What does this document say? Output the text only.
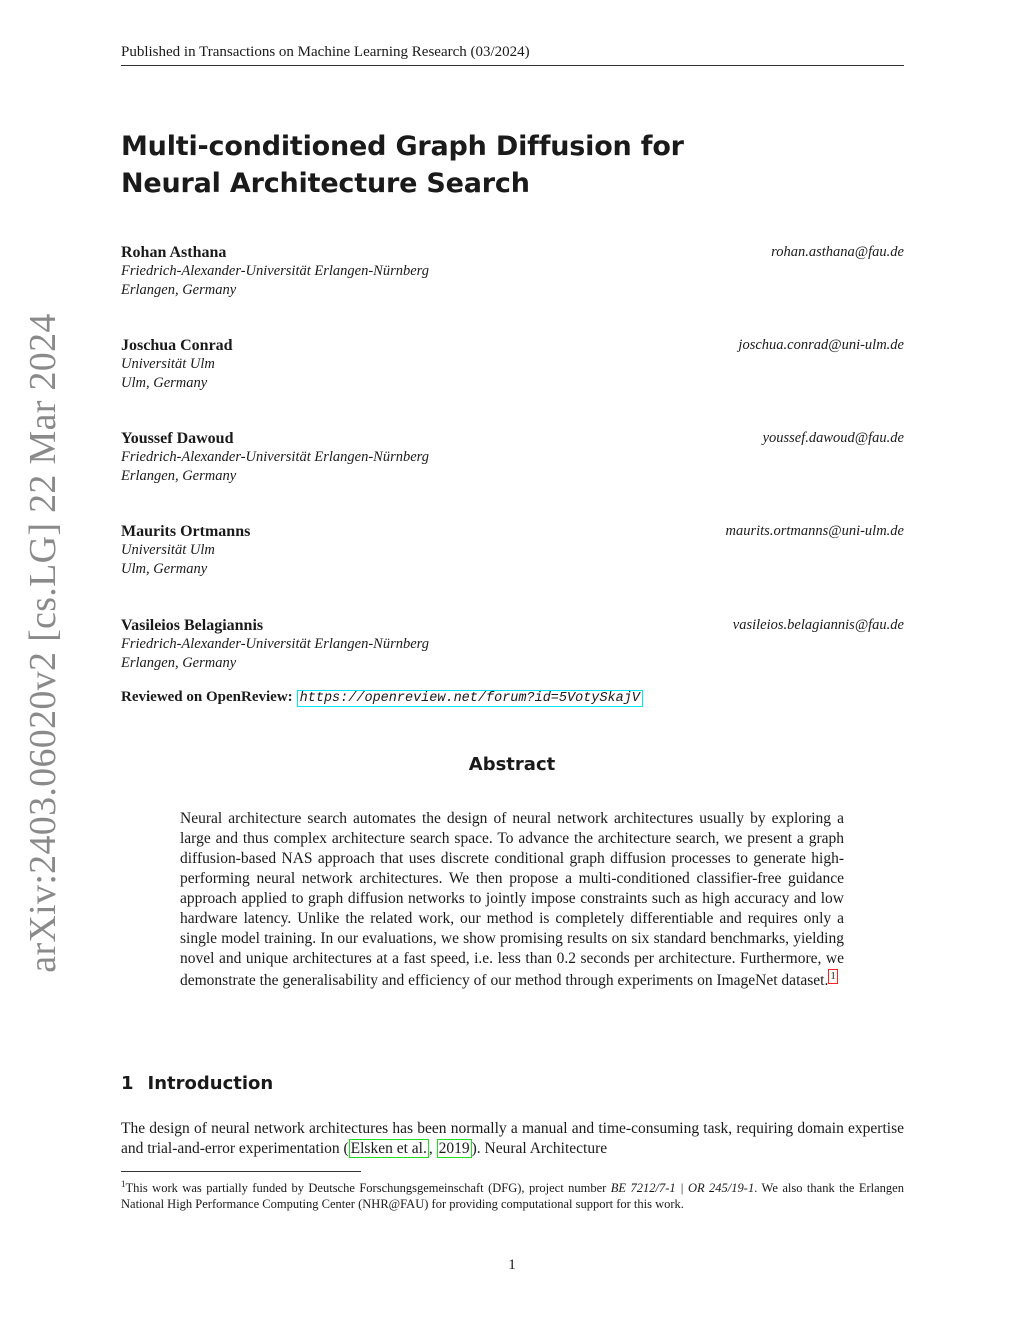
Published in Transactions on Machine Learning Research (03/2024)
arXiv:2403.06020v2 [cs.LG] 22 Mar 2024
Multi-conditioned Graph Diffusion for
Neural Architecture Search
Rohan Asthana
Friedrich-Alexander-Universität Erlangen-Nürnberg
Erlangen, Germany
rohan.asthana@fau.de
Joschua Conrad
Universität Ulm
Ulm, Germany
joschua.conrad@uni-ulm.de
Youssef Dawoud
Friedrich-Alexander-Universität Erlangen-Nürnberg
Erlangen, Germany
youssef.dawoud@fau.de
Maurits Ortmanns
Universität Ulm
Ulm, Germany
maurits.ortmanns@uni-ulm.de
Vasileios Belagiannis
Friedrich-Alexander-Universität Erlangen-Nürnberg
Erlangen, Germany
vasileios.belagiannis@fau.de
Reviewed on OpenReview: https://openreview.net/forum?id=5VotySkajV
Abstract
Neural architecture search automates the design of neural network architectures usually by exploring a large and thus complex architecture search space. To advance the architecture search, we present a graph diffusion-based NAS approach that uses discrete conditional graph diffusion processes to generate high-performing neural network architectures. We then propose a multi-conditioned classifier-free guidance approach applied to graph diffusion networks to jointly impose constraints such as high accuracy and low hardware latency. Unlike the related work, our method is completely differentiable and requires only a single model training. In our evaluations, we show promising results on six standard benchmarks, yielding novel and unique architectures at a fast speed, i.e. less than 0.2 seconds per architecture. Furthermore, we demonstrate the generalisability and efficiency of our method through experiments on ImageNet dataset. 1
1 Introduction
The design of neural network architectures has been normally a manual and time-consuming task, requiring domain expertise and trial-and-error experimentation ( Elsken et al. , 2019 ). Neural Architecture
$^1$This work was partially funded by Deutsche Forschungsgemeinschaft (DFG), project number BE 7212/7-1 | OR 245/19-1. We also thank the Erlangen National High Performance Computing Center (NHR@FAU) for providing computational support for this work.
1
